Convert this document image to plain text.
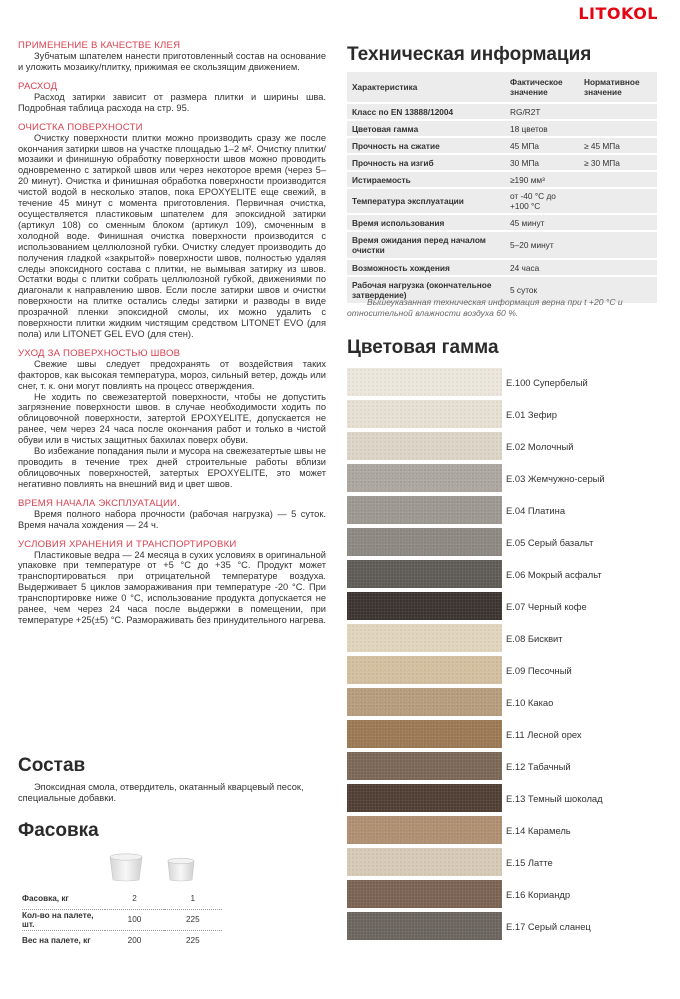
LITOKOL
ПРИМЕНЕНИЕ В КАЧЕСТВЕ КЛЕЯ

Зубчатым шпателем нанести приготовленный состав на основание и уложить мозаику/плитку, прижимая ее скользящим движением.

РАСХОД

Расход затирки зависит от размера плитки и ширины шва. Подробная таблица расхода на стр. 95.

ОЧИСТКА ПОВЕРХНОСТИ

Очистку поверхности плитки можно производить сразу же после окончания затирки швов на участке площадью 1–2 м². Очистку плитки/ мозаики и финишную обработку поверхности швов можно проводить одновременно с затиркой швов или через некоторое время (через 5–20 минут). Очистка и финишная обработка поверхности производится чистой водой в несколько этапов, пока EPOXYELITE еще свежий, в течение 45 минут с момента приготовления. Первичная очистка, осуществляется пластиковым шпателем для эпоксидной затирки (артикул 108) со сменным блоком (артикул 109), смоченным в холодной воде. Финишная очистка поверхности производится с использованием целлюлозной губки. Очистку следует производить до получения гладкой «закрытой» поверхности швов, полностью удаляя следы эпоксидного состава с плитки, не вымывая затирку из швов. Остатки воды с плитки собрать целлюлозной губкой, движениями по диагонали к направлению швов. Если после затирки швов и очистки поверхности на плитке остались следы затирки и разводы в виде прозрачной пленки эпоксидной смолы, их можно удалить с поверхности плитки жидким чистящим средством LITONET EVO (для пола) или LITONET GEL EVO (для стен).

УХОД ЗА ПОВЕРХНОСТЬЮ ШВОВ

Свежие швы следует предохранять от воздействия таких факторов, как высокая температура, мороз, сильный ветер, дождь или снег, т. к. они могут повлиять на процесс отверждения.

Не ходить по свежезатертой поверхности, чтобы не допустить загрязнение поверхности швов. в случае необходимости ходить по облицовочной поверхности, затертой EPOXYELITE, допускается не ранее, чем через 24 часа после окончания работ и только в чистой обуви или в чистых защитных бахилах поверх обуви.

Во избежание попадания пыли и мусора на свежезатертые швы не проводить в течение трех дней строительные работы вблизи облицовочных поверхностей, затертых EPOXYELITE, это может негативно повлиять на внешний вид и цвет швов.

ВРЕМЯ НАЧАЛА ЭКСПЛУАТАЦИИ.

Время полного набора прочности (рабочая нагрузка) — 5 суток. Время начала хождения — 24 ч.

УСЛОВИЯ ХРАНЕНИЯ И ТРАНСПОРТИРОВКИ

Пластиковые ведра — 24 месяца в сухих условиях в оригинальной упаковке при температуре от +5 °С до +35 °С. Продукт может транспортироваться при отрицательной температуре воздуха. Выдерживает 5 циклов замораживания при температуре -20 °С. При транспортировке ниже 0 °С, использование продукта допускается не ранее, чем через 24 часа после выдержки в помещении, при температуре +25(±5) °С. Размораживать без принудительного нагрева.

Состав

Эпоксидная смола, отвердитель, окатанный кварцевый песок, специальные добавки.

Фасовка
Фасовка, кг	2	1
Кол-во на палете, шт.	100	225
Вес на палете, кг	200	225
Техническая информация
Характеристика	Фактическое значение	Нормативное значение
Класс по EN 13888/12004	RG/R2T	
Цветовая гамма	18 цветов	
Прочность на сжатие	45 МПа	≥ 45 МПа
Прочность на изгиб	30 МПа	≥ 30 МПа
Истираемость	≥190 мм³	
Температура эксплуатации	от -40 °С до +100 °С	
Время использования	45 минут	
Время ожидания перед началом очистки	5–20 минут	
Возможность хождения	24 часа	
Рабочая нагрузка (окончательное затвердение)	5 суток	

Вышеуказанная техническая информация верна при t +20 °С и относительной влажности воздуха 60 %.

Цветовая гамма
E.100 Супербелый
E.01 Зефир
E.02 Молочный
E.03 Жемчужно-серый
E.04 Платина
E.05 Серый базальт
E.06 Мокрый асфальт
E.07 Черный кофе
E.08 Бисквит
E.09 Песочный
E.10 Какао
E.11 Лесной орех
E.12 Табачный
E.13 Темный шоколад
E.14 Карамель
E.15 Латте
E.16 Кориандр
E.17 Серый сланец
